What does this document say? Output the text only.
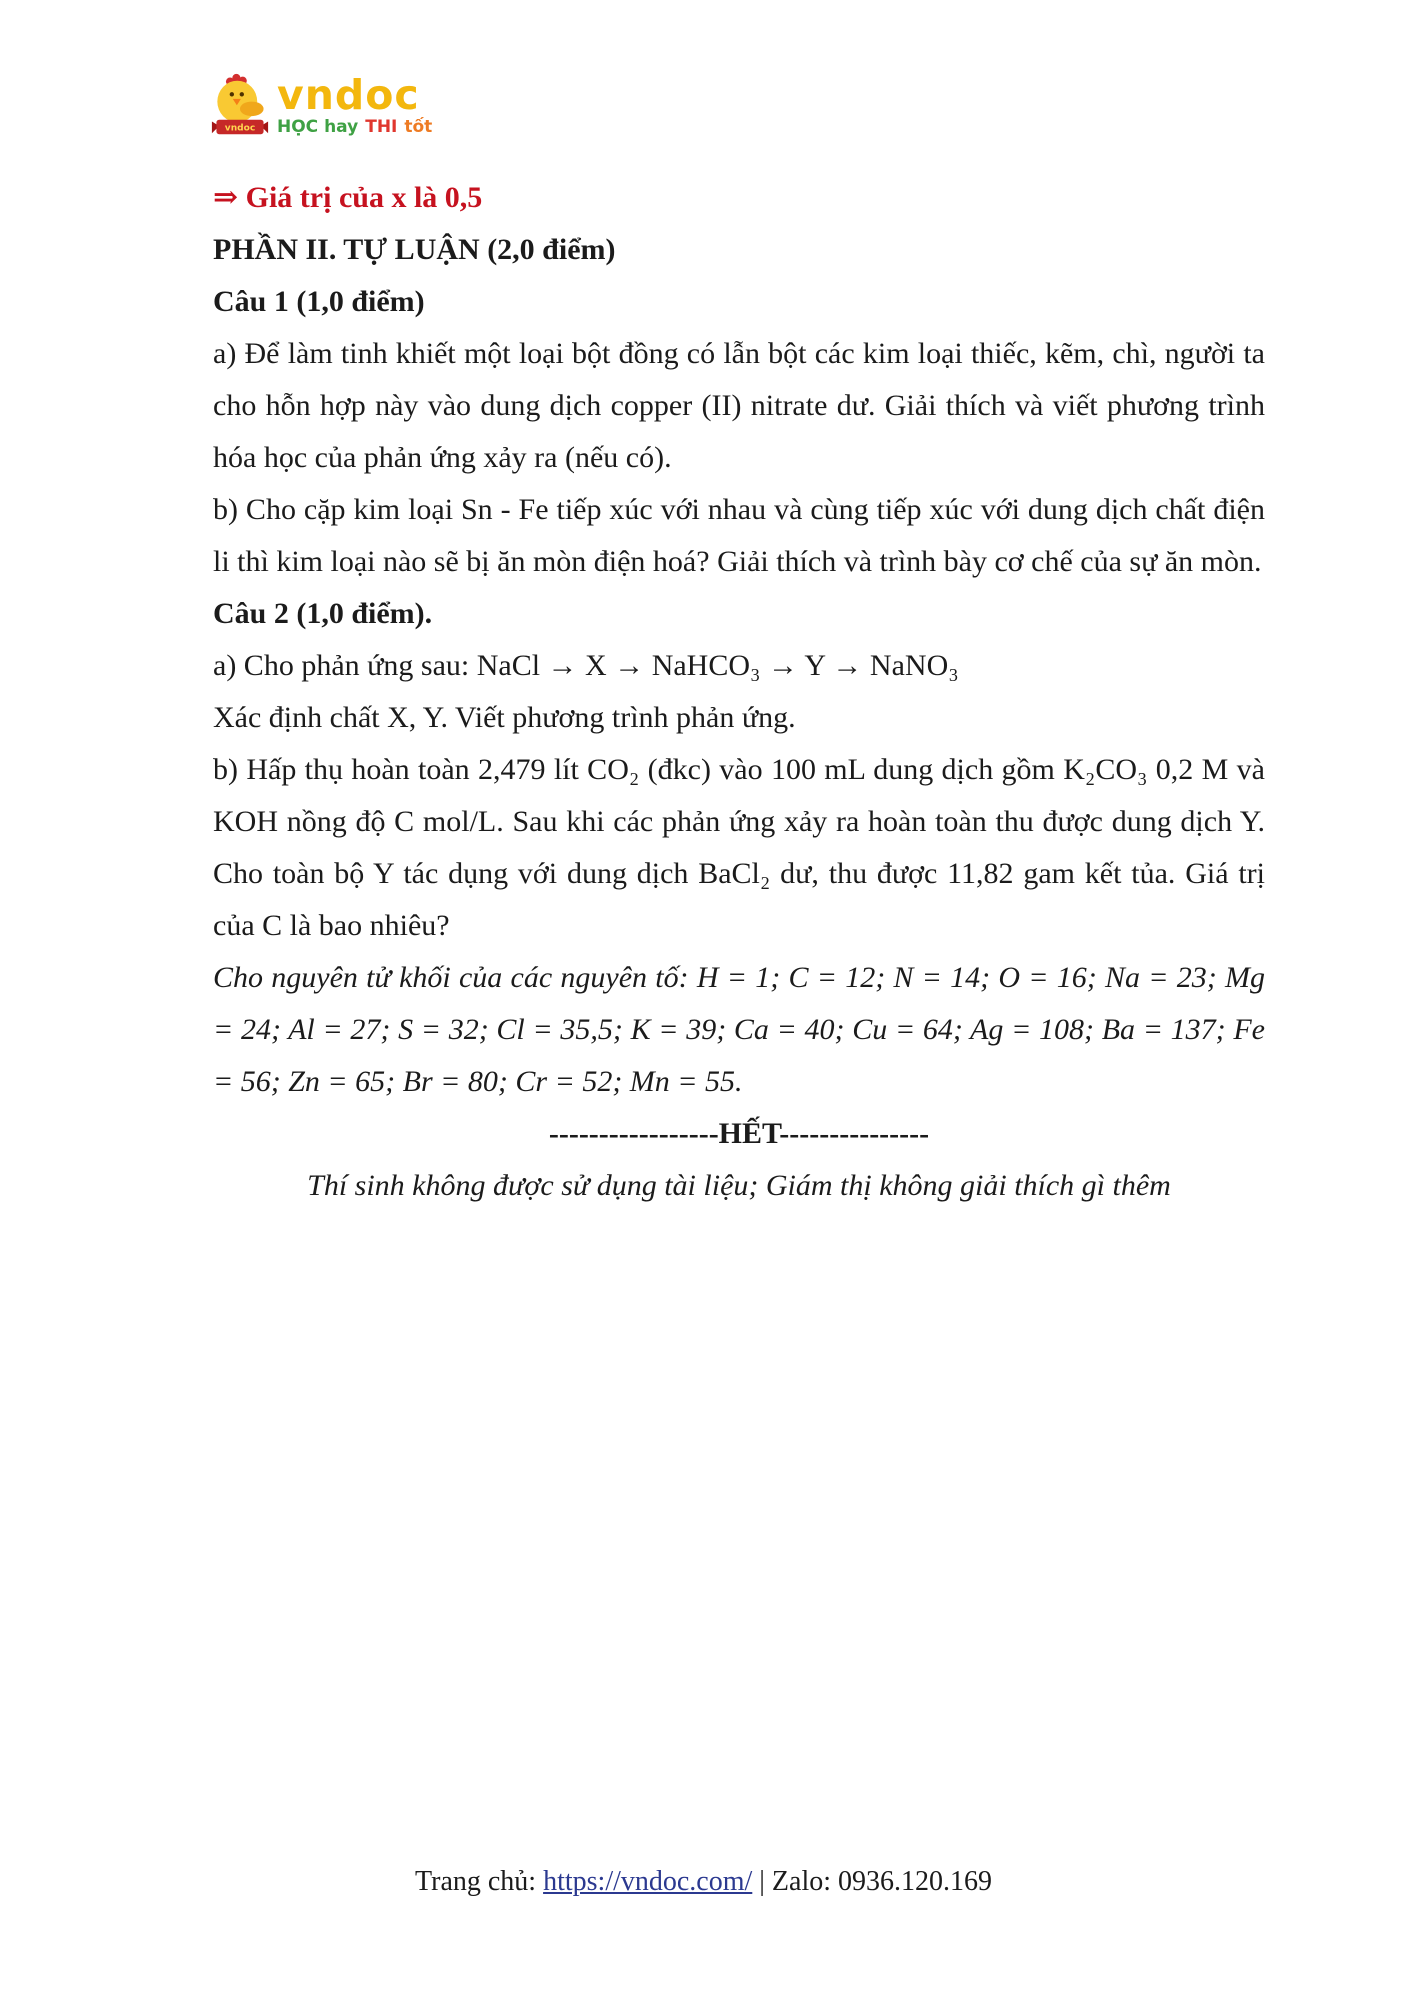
vndoc
vndoc
HỌC hay THI tốt

⇒ Giá trị của x là 0,5

PHẦN II. TỰ LUẬN (2,0 điểm)

Câu 1 (1,0 điểm)

a) Để làm tinh khiết một loại bột đồng có lẫn bột các kim loại thiếc, kẽm, chì, người ta cho hỗn hợp này vào dung dịch copper (II) nitrate dư. Giải thích và viết phương trình hóa học của phản ứng xảy ra (nếu có).

b) Cho cặp kim loại Sn - Fe tiếp xúc với nhau và cùng tiếp xúc với dung dịch chất điện li thì kim loại nào sẽ bị ăn mòn điện hoá? Giải thích và trình bày cơ chế của sự ăn mòn.

Câu 2 (1,0 điểm).

a) Cho phản ứng sau: NaCl → X → NaHCO₃ → Y → NaNO₃

Xác định chất X, Y. Viết phương trình phản ứng.

b) Hấp thụ hoàn toàn 2,479 lít CO₂ (đkc) vào 100 mL dung dịch gồm K₂CO₃ 0,2 M và KOH nồng độ C mol/L. Sau khi các phản ứng xảy ra hoàn toàn thu được dung dịch Y. Cho toàn bộ Y tác dụng với dung dịch BaCl₂ dư, thu được 11,82 gam kết tủa. Giá trị của C là bao nhiêu?

Cho nguyên tử khối của các nguyên tố: H = 1; C = 12; N = 14; O = 16; Na = 23; Mg = 24; Al = 27; S = 32; Cl = 35,5; K = 39; Ca = 40; Cu = 64; Ag = 108; Ba = 137; Fe = 56; Zn = 65; Br = 80; Cr = 52; Mn = 55.

-----------------HẾT---------------

Thí sinh không được sử dụng tài liệu; Giám thị không giải thích gì thêm

Trang chủ: https://vndoc.com/ | Zalo: 0936.120.169
